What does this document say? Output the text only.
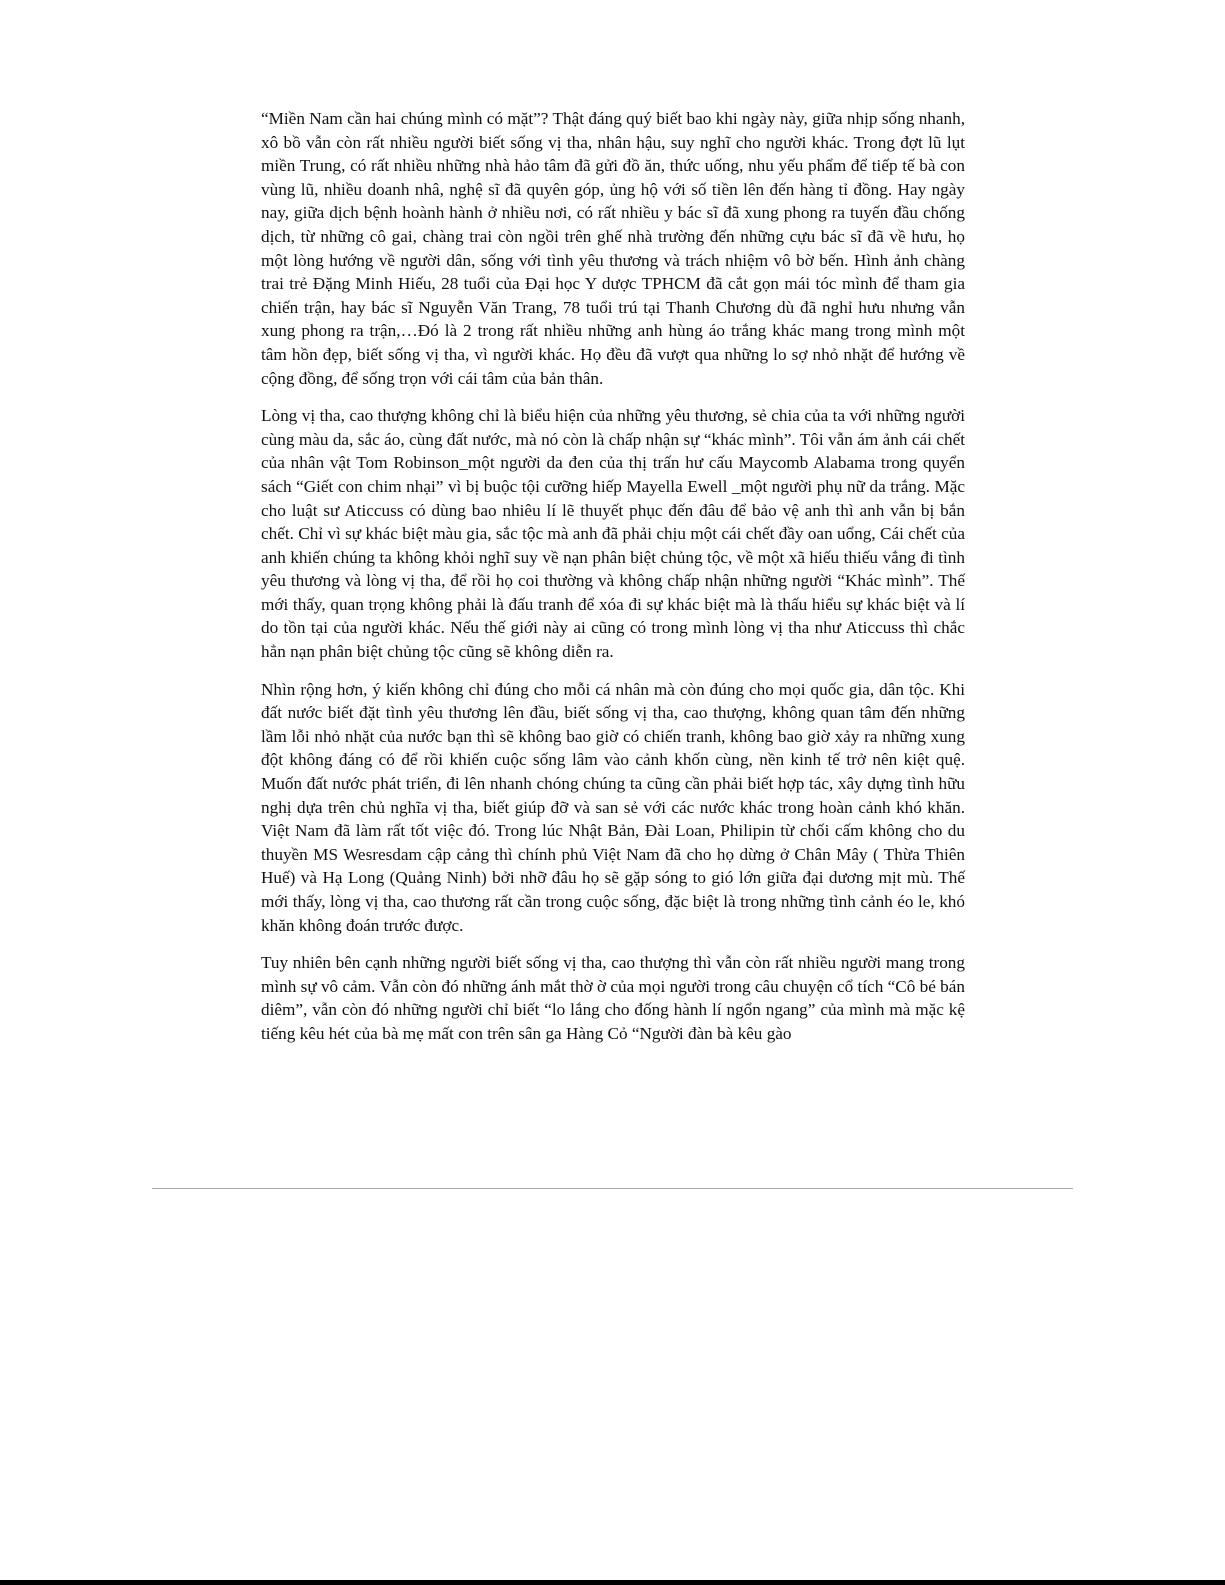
“Miền Nam cần hai chúng mình có mặt”? Thật đáng quý biết bao khi ngày này, giữa nhịp sống nhanh, xô bồ vẫn còn rất nhiều người biết sống vị tha, nhân hậu, suy nghĩ cho người khác. Trong đợt lũ lụt miền Trung, có rất nhiều những nhà hảo tâm đã gửi đồ ăn, thức uống, nhu yếu phẩm để tiếp tế bà con vùng lũ, nhiều doanh nhâ, nghệ sĩ đã quyên góp, ủng hộ với số tiền lên đến hàng tỉ đồng. Hay ngày nay, giữa dịch bệnh hoành hành ở nhiều nơi, có rất nhiều y bác sĩ đã xung phong ra tuyến đầu chống dịch, từ những cô gai, chàng trai còn ngồi trên ghế nhà trường đến những cựu bác sĩ đã về hưu, họ một lòng hướng về người dân, sống với tình yêu thương và trách nhiệm vô bờ bến. Hình ảnh chàng trai trẻ Đặng Minh Hiếu, 28 tuổi của Đại học Y dược TPHCM đã cắt gọn mái tóc mình để tham gia chiến trận, hay bác sĩ Nguyễn Văn Trang, 78 tuổi trú tại Thanh Chương dù đã nghỉ hưu nhưng vẫn xung phong ra trận,…Đó là 2 trong rất nhiều những anh hùng áo trắng khác mang trong mình một tâm hồn đẹp, biết sống vị tha, vì người khác. Họ đều đã vượt qua những lo sợ nhỏ nhặt để hướng về cộng đồng, để sống trọn với cái tâm của bản thân.

Lòng vị tha, cao thượng không chỉ là biểu hiện của những yêu thương, sẻ chia của ta với những người cùng màu da, sắc áo, cùng đất nước, mà nó còn là chấp nhận sự “khác mình”. Tôi vẫn ám ảnh cái chết của nhân vật Tom Robinson_một người da đen của thị trấn hư cấu Maycomb Alabama trong quyển sách “Giết con chim nhại” vì bị buộc tội cưỡng hiếp Mayella Ewell _một người phụ nữ da trắng. Mặc cho luật sư Aticcuss có dùng bao nhiêu lí lẽ thuyết phục đến đâu để bảo vệ anh thì anh vẫn bị bắn chết. Chỉ vì sự khác biệt màu gia, sắc tộc mà anh đã phải chịu một cái chết đầy oan uổng, Cái chết của anh khiến chúng ta không khỏi nghĩ suy về nạn phân biệt chủng tộc, về một xã hiếu thiếu vắng đi tình yêu thương và lòng vị tha, để rồi họ coi thường và không chấp nhận những người “Khác mình”. Thế mới thấy, quan trọng không phải là đấu tranh để xóa đi sự khác biệt mà là thấu hiểu sự khác biệt và lí do tồn tại của người khác. Nếu thế giới này ai cũng có trong mình lòng vị tha như Aticcuss thì chắc hẳn nạn phân biệt chủng tộc cũng sẽ không diễn ra.

Nhìn rộng hơn, ý kiến không chỉ đúng cho mỗi cá nhân mà còn đúng cho mọi quốc gia, dân tộc. Khi đất nước biết đặt tình yêu thương lên đầu, biết sống vị tha, cao thượng, không quan tâm đến những lầm lỗi nhỏ nhặt của nước bạn thì sẽ không bao giờ có chiến tranh, không bao giờ xảy ra những xung đột không đáng có để rồi khiến cuộc sống lâm vào cảnh khốn cùng, nền kinh tế trở nên kiệt quệ. Muốn đất nước phát triển, đi lên nhanh chóng chúng ta cũng cần phải biết hợp tác, xây dựng tình hữu nghị dựa trên chủ nghĩa vị tha, biết giúp đỡ và san sẻ với các nước khác trong hoàn cảnh khó khăn. Việt Nam đã làm rất tốt việc đó. Trong lúc Nhật Bản, Đài Loan, Philipin từ chối cấm không cho du thuyền MS Wesresdam cập cảng thì chính phủ Việt Nam đã cho họ dừng ở Chân Mây ( Thừa Thiên Huế) và Hạ Long (Quảng Ninh) bởi nhỡ đâu họ sẽ gặp sóng to gió lớn giữa đại dương mịt mù. Thế mới thấy, lòng vị tha, cao thương rất cần trong cuộc sống, đặc biệt là trong những tình cảnh éo le, khó khăn không đoán trước được.

Tuy nhiên bên cạnh những người biết sống vị tha, cao thượng thì vẫn còn rất nhiều người mang trong mình sự vô cảm. Vẫn còn đó những ánh mắt thờ ờ của mọi người trong câu chuyện cổ tích “Cô bé bán diêm”, vẫn còn đó những người chỉ biết “lo lắng cho đống hành lí ngổn ngang” của mình mà mặc kệ tiếng kêu hét của bà mẹ mất con trên sân ga Hàng Cỏ “Người đàn bà kêu gào
